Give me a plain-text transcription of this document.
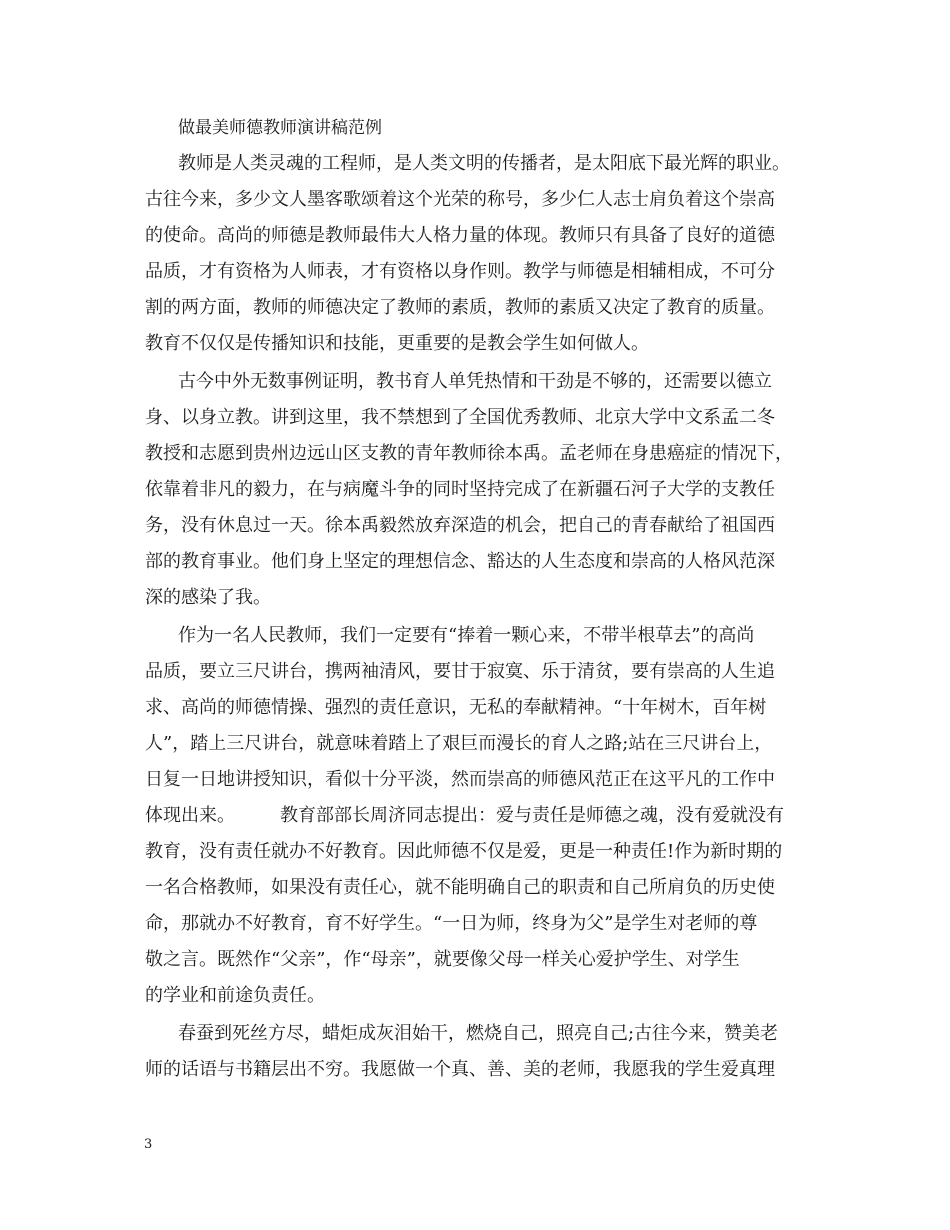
做最美师德教师演讲稿范例
教师是人类灵魂的工程师，是人类文明的传播者，是太阳底下最光辉的职业。
古往今来，多少文人墨客歌颂着这个光荣的称号，多少仁人志士肩负着这个崇高
的使命。高尚的师德是教师最伟大人格力量的体现。教师只有具备了良好的道德
品质，才有资格为人师表，才有资格以身作则。教学与师德是相辅相成，不可分
割的两方面，教师的师德决定了教师的素质，教师的素质又决定了教育的质量。
教育不仅仅是传播知识和技能，更重要的是教会学生如何做人。
古今中外无数事例证明，教书育人单凭热情和干劲是不够的，还需要以德立
身、以身立教。讲到这里，我不禁想到了全国优秀教师、北京大学中文系孟二冬
教授和志愿到贵州边远山区支教的青年教师徐本禹。孟老师在身患癌症的情况下，
依靠着非凡的毅力，在与病魔斗争的同时坚持完成了在新疆石河子大学的支教任
务，没有休息过一天。徐本禹毅然放弃深造的机会，把自己的青春献给了祖国西
部的教育事业。他们身上坚定的理想信念、豁达的人生态度和崇高的人格风范深
深的感染了我。
作为一名人民教师，我们一定要有“捧着一颗心来，不带半根草去”的高尚
品质，要立三尺讲台，携两袖清风，要甘于寂寞、乐于清贫，要有崇高的人生追
求、高尚的师德情操、强烈的责任意识，无私的奉献精神。“十年树木，百年树
人”，踏上三尺讲台，就意味着踏上了艰巨而漫长的育人之路;站在三尺讲台上，
日复一日地讲授知识，看似十分平淡，然而崇高的师德风范正在这平凡的工作中
体现出来。　　　教育部部长周济同志提出：爱与责任是师德之魂，没有爱就没有
教育，没有责任就办不好教育。因此师德不仅是爱，更是一种责任!作为新时期的
一名合格教师，如果没有责任心，就不能明确自己的职责和自己所肩负的历史使
命，那就办不好教育，育不好学生。“一日为师，终身为父”是学生对老师的尊
敬之言。既然作“父亲”，作“母亲”，就要像父母一样关心爱护学生、对学生
的学业和前途负责任。
春蚕到死丝方尽，蜡炬成灰泪始干，燃烧自己，照亮自己;古往今来，赞美老
师的话语与书籍层出不穷。我愿做一个真、善、美的老师，我愿我的学生爱真理
3
